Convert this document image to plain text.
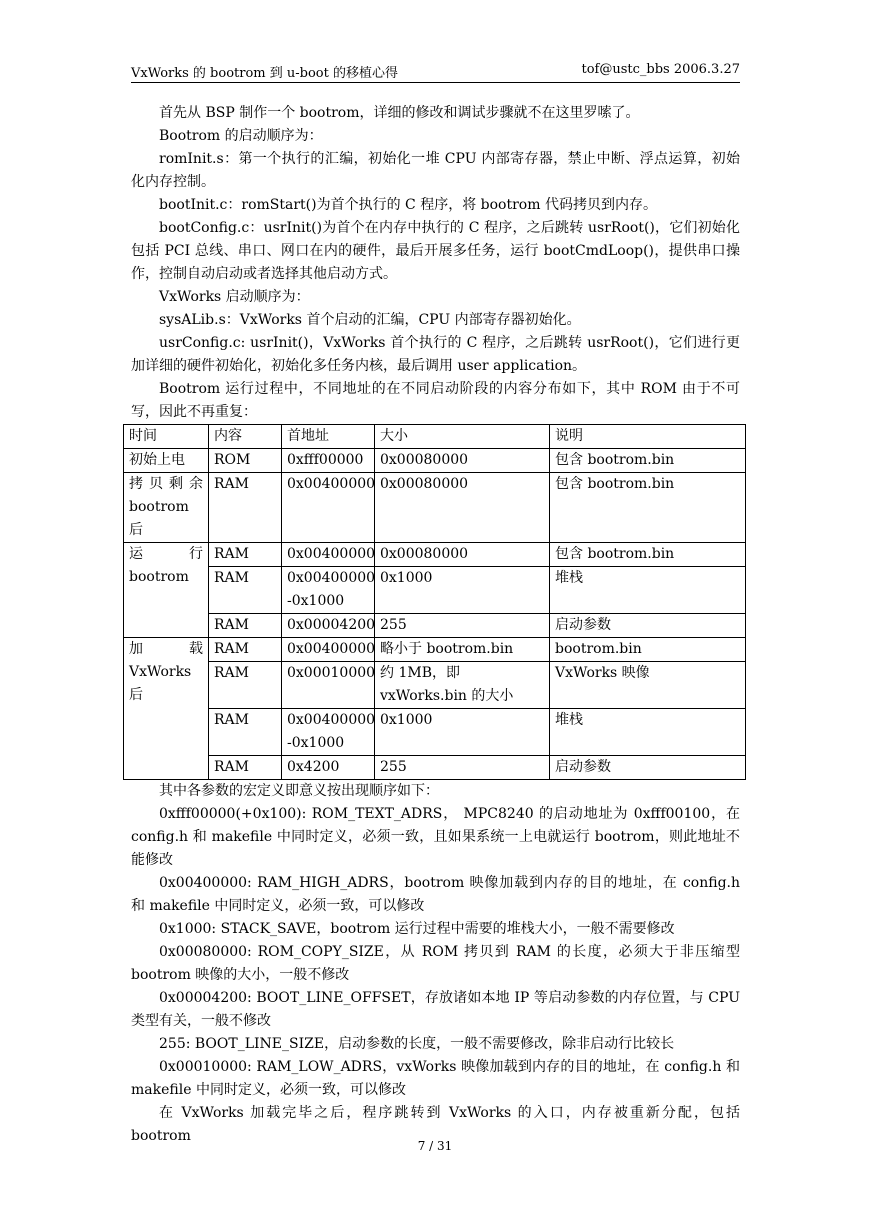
VxWorks 的 bootrom 到 u-boot 的移植心得	tof@ustc_bbs 2006.3.27

首先从 BSP 制作一个 bootrom，详细的修改和调试步骤就不在这里罗嗦了。

Bootrom 的启动顺序为：

romInit.s：第一个执行的汇编，初始化一堆 CPU 内部寄存器，禁止中断、浮点运算，初始化内存控制。

bootInit.c：romStart()为首个执行的 C 程序，将 bootrom 代码拷贝到内存。

bootConfig.c：usrInit()为首个在内存中执行的 C 程序，之后跳转 usrRoot()，它们初始化包括 PCI 总线、串口、网口在内的硬件，最后开展多任务，运行 bootCmdLoop()，提供串口操作，控制自动启动或者选择其他启动方式。

VxWorks 启动顺序为：

sysALib.s：VxWorks 首个启动的汇编，CPU 内部寄存器初始化。

usrConfig.c: usrInit()，VxWorks 首个执行的 C 程序，之后跳转 usrRoot()，它们进行更加详细的硬件初始化，初始化多任务内核，最后调用 user application。

Bootrom 运行过程中，不同地址的在不同启动阶段的内容分布如下，其中 ROM 由于不可写，因此不再重复：

时间	内容	首地址	大小	说明
初始上电	ROM	0xfff00000	0x00080000	包含 bootrom.bin
拷贝剩余 bootrom 后	RAM	0x00400000	0x00080000	包含 bootrom.bin
运行 bootrom	RAM	0x00400000	0x00080000	包含 bootrom.bin
	RAM	0x00400000 -0x1000	0x1000	堆栈
	RAM	0x00004200	255	启动参数
加载 VxWorks 后	RAM	0x00400000	略小于 bootrom.bin	bootrom.bin
	RAM	0x00010000	约 1MB，即 vxWorks.bin 的大小	VxWorks 映像
	RAM	0x00400000 -0x1000	0x1000	堆栈
	RAM	0x4200	255	启动参数

其中各参数的宏定义即意义按出现顺序如下：

0xfff00000(+0x100): ROM_TEXT_ADRS， MPC8240 的启动地址为 0xfff00100，在 config.h 和 makefile 中同时定义，必须一致，且如果系统一上电就运行 bootrom，则此地址不能修改

0x00400000: RAM_HIGH_ADRS，bootrom 映像加载到内存的目的地址，在 config.h 和 makefile 中同时定义，必须一致，可以修改

0x1000: STACK_SAVE，bootrom 运行过程中需要的堆栈大小，一般不需要修改

0x00080000: ROM_COPY_SIZE，从 ROM 拷贝到 RAM 的长度，必须大于非压缩型 bootrom 映像的大小，一般不修改

0x00004200: BOOT_LINE_OFFSET，存放诸如本地 IP 等启动参数的内存位置，与 CPU 类型有关，一般不修改

255: BOOT_LINE_SIZE，启动参数的长度，一般不需要修改，除非启动行比较长

0x00010000: RAM_LOW_ADRS，vxWorks 映像加载到内存的目的地址，在 config.h 和 makefile 中同时定义，必须一致，可以修改

在 VxWorks 加载完毕之后，程序跳转到 VxWorks 的入口，内存被重新分配，包括 bootrom

7 / 31
